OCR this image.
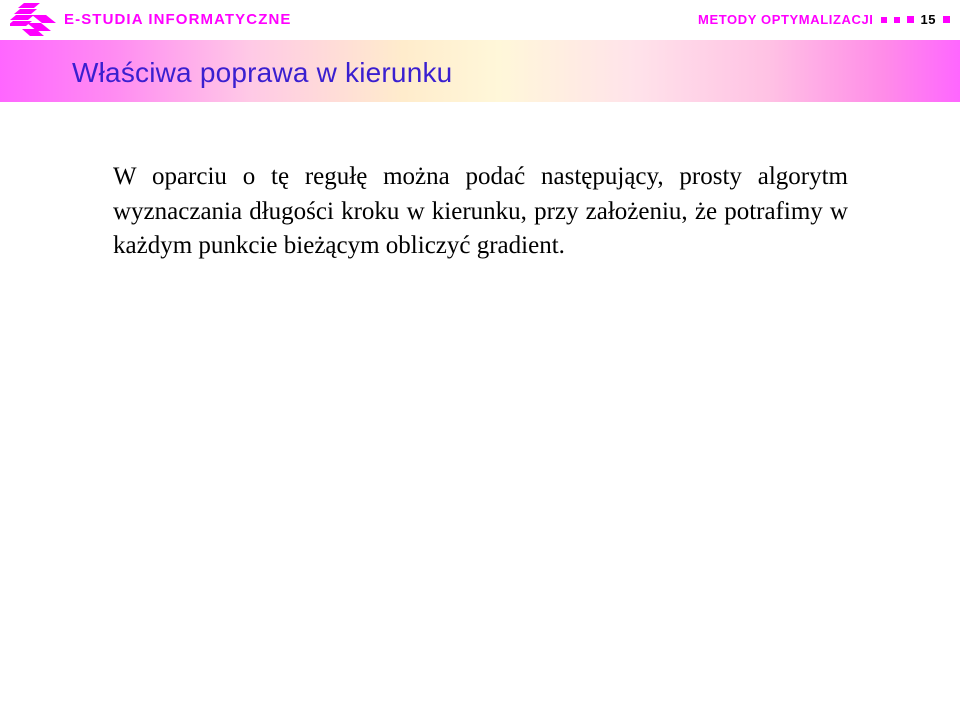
E-STUDIA INFORMATYCZNE	METODY OPTYMALIZACJI	15
Właściwa poprawa w kierunku

W oparciu o tę regułę można podać następujący, prosty algorytm wyznaczania długości kroku w kierunku, przy założeniu, że potrafimy w każdym punkcie bieżącym obliczyć gradient.
